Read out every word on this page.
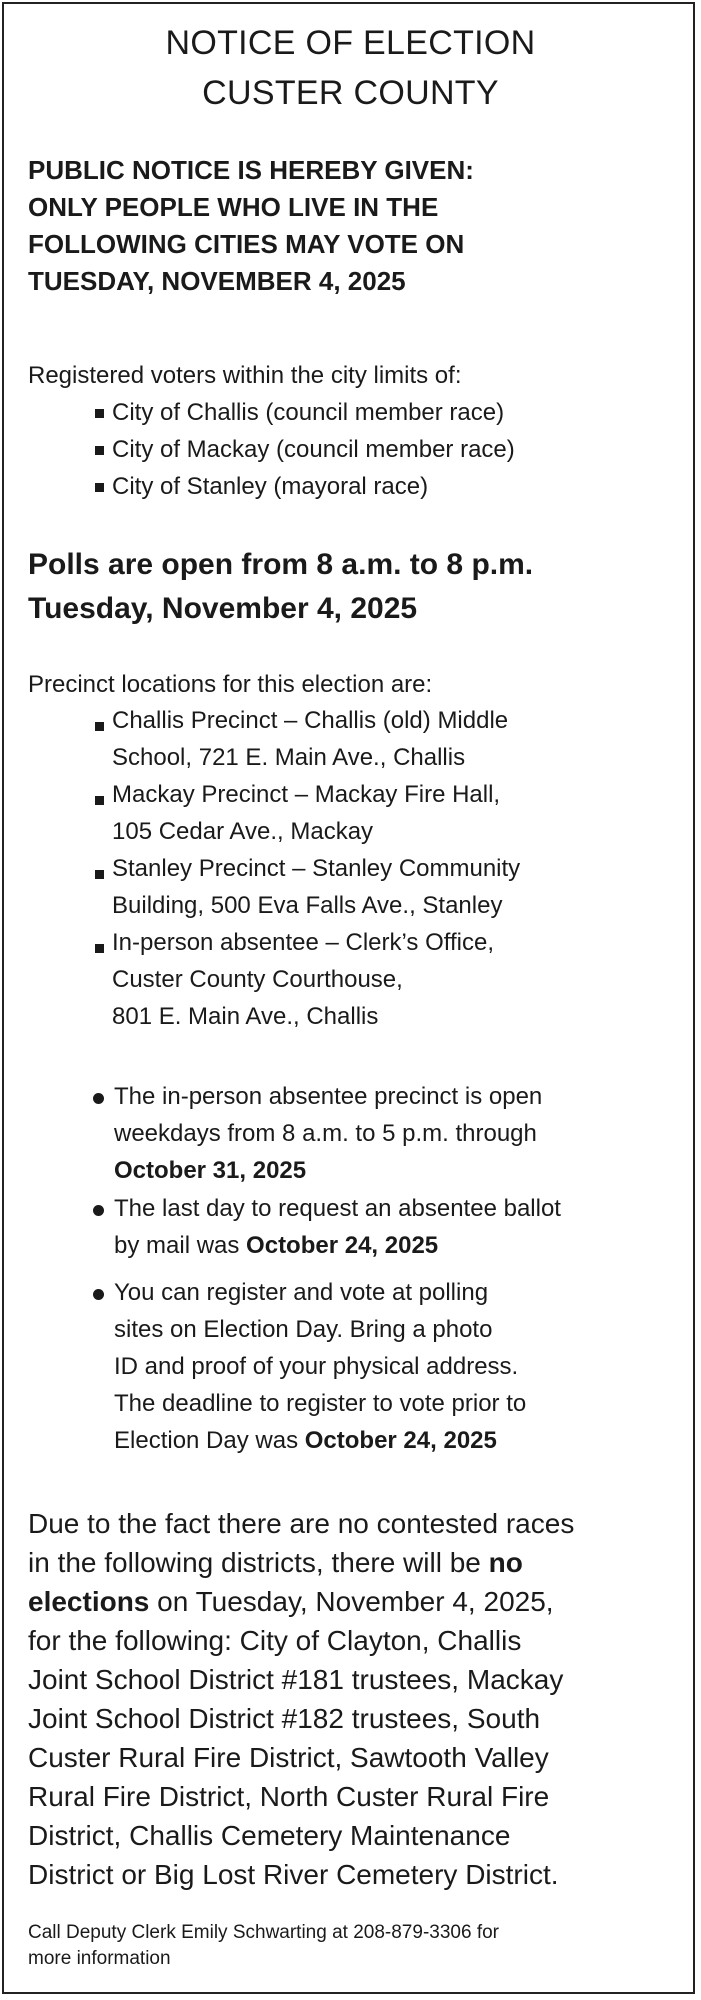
NOTICE OF ELECTION
CUSTER COUNTY
PUBLIC NOTICE IS HEREBY GIVEN:
ONLY PEOPLE WHO LIVE IN THE
FOLLOWING CITIES MAY VOTE ON
TUESDAY, NOVEMBER 4, 2025
Registered voters within the city limits of:
City of Challis (council member race)
City of Mackay (council member race)
City of Stanley (mayoral race)
Polls are open from 8 a.m. to 8 p.m.
Tuesday, November 4, 2025
Precinct locations for this election are:
Challis Precinct – Challis (old) Middle
School, 721 E. Main Ave., Challis
Mackay Precinct – Mackay Fire Hall,
105 Cedar Ave., Mackay
Stanley Precinct – Stanley Community
Building, 500 Eva Falls Ave., Stanley
In-person absentee – Clerk’s Office,
Custer County Courthouse,
801 E. Main Ave., Challis
The in-person absentee precinct is open
weekdays from 8 a.m. to 5 p.m. through
October 31, 2025
The last day to request an absentee ballot
by mail was October 24, 2025
You can register and vote at polling
sites on Election Day. Bring a photo
ID and proof of your physical address.
The deadline to register to vote prior to
Election Day was October 24, 2025
Due to the fact there are no contested races
in the following districts, there will be no
elections on Tuesday, November 4, 2025,
for the following: City of Clayton, Challis
Joint School District #181 trustees, Mackay
Joint School District #182 trustees, South
Custer Rural Fire District, Sawtooth Valley
Rural Fire District, North Custer Rural Fire
District, Challis Cemetery Maintenance
District or Big Lost River Cemetery District.
Call Deputy Clerk Emily Schwarting at 208-879-3306 for
more information
